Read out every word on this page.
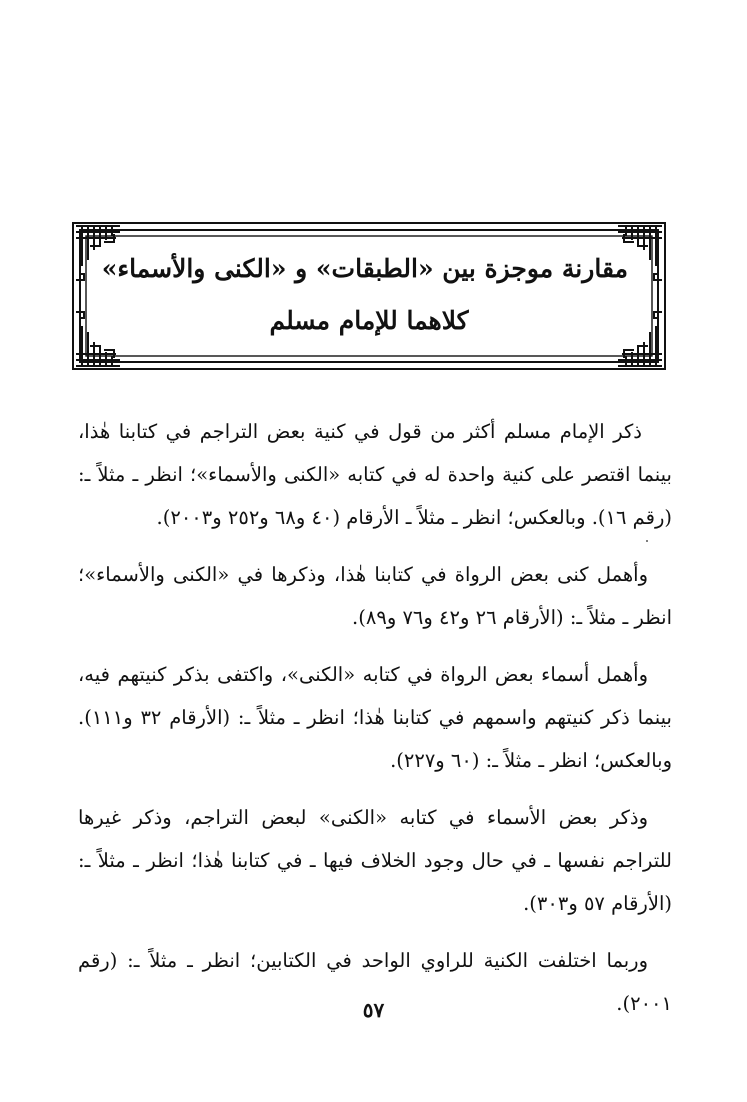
مقارنة موجزة بين «الطبقات» و «الكنى والأسماء»
كلاهما للإمام مسلم

ذكر الإمام مسلم أكثر من قول في كنية بعض التراجم في كتابنا هٰذا، بينما اقتصر على كنية واحدة له في كتابه «الكنى والأسماء»؛ انظر ـ مثلاً ـ: (رقم ١٦). وبالعكس؛ انظر ـ مثلاً ـ الأرقام (٤٠ و٦٨ و٢٥٢ و٢٠٠٣).

وأهمل كنى بعض الرواة في كتابنا هٰذا، وذكرها في «الكنى والأسماء»؛ انظر ـ مثلاً ـ: (الأرقام ٢٦ و٤٢ و٧٦ و٨٩).

وأهمل أسماء بعض الرواة في كتابه «الكنى»، واكتفى بذكر كنيتهم فيه، بينما ذكر كنيتهم واسمهم في كتابنا هٰذا؛ انظر ـ مثلاً ـ: (الأرقام ٣٢ و١١١). وبالعكس؛ انظر ـ مثلاً ـ: (٦٠ و٢٢٧).

وذكر بعض الأسماء في كتابه «الكنى» لبعض التراجم، وذكر غيرها للتراجم نفسها ـ في حال وجود الخلاف فيها ـ في كتابنا هٰذا؛ انظر ـ مثلاً ـ: (الأرقام ٥٧ و٣٠٣).

وربما اختلفت الكنية للراوي الواحد في الكتابين؛ انظر ـ مثلاً ـ: (رقم ٢٠٠١).

٥٧
